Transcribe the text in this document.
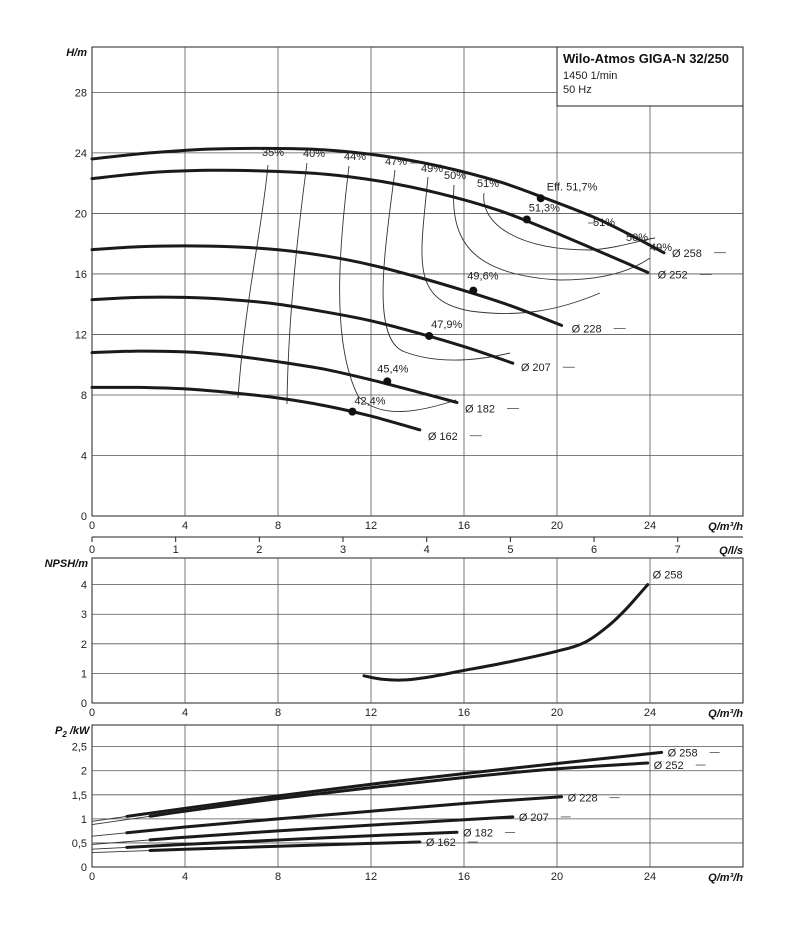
0	4	8	12	16	20	24
0
4
8
12
16
20
24
28
Q/m³/h
H/m
35% 40% 44% 47%
49%
50%
51%
51%
50%
49% Ø 258
Ø 252
Ø 228
Ø 207
Ø 182
Ø 162
Eff. 51,7%
51,3%
49,6%
47,9%
45,4%
42,4%
Wilo-Atmos GIGA-N 32/250
1450 1/min
50 Hz
0	1	2	3	4	5	6	7	Q/l/s
0	4	8	12	16	20	24
0
1
2
3
4
Q/m³/h
NPSH/m
Ø 258
0	4	8	12	16	20	24
0
0,5
1
1,5
2
2,5
Q/m³/h
$P_2$ /kW
Ø 258
Ø 252
Ø 228
Ø 207
Ø 182
Ø 162
